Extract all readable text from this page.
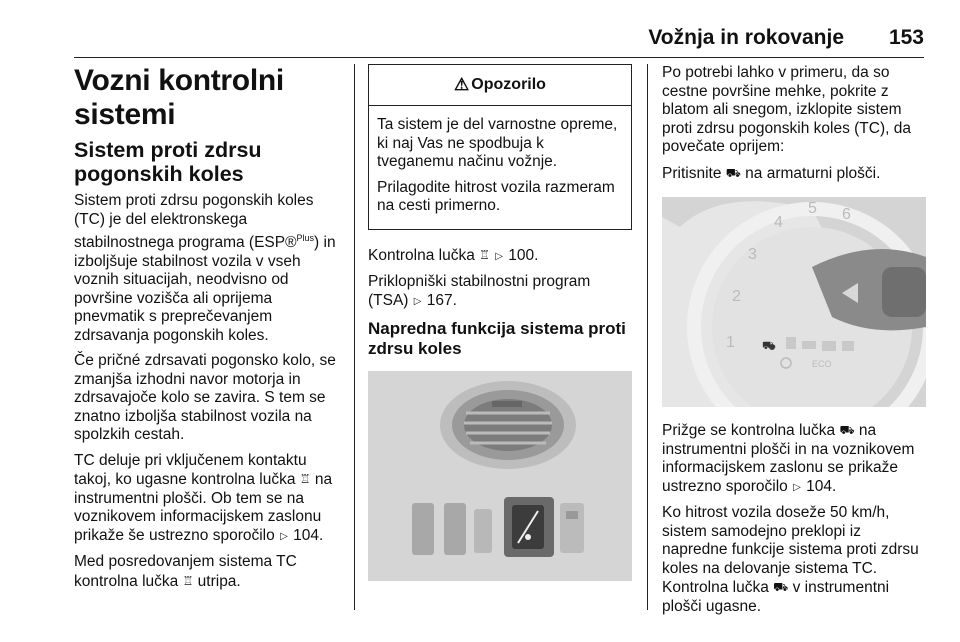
Vožnja in rokovanje 153
Vozni kontrolni sistemi
Sistem proti zdrsu pogonskih koles

Sistem proti zdrsu pogonskih koles (TC) je del elektronskega stabilnostnega programa (ESP®$^{Plus}$) in izboljšuje stabilnost vozila v vseh voznih situacijah, neodvisno od površine vozišča ali oprijema pnevmatik s preprečevanjem zdrsavanja pogonskih koles.

Če pričné zdrsavati pogonsko kolo, se zmanjša izhodni navor motorja in zdrsavajoče kolo se zavira. S tem se znatno izboljša stabilnost vozila na spolzkih cestah.

TC deluje pri vključenem kontaktu takoj, ko ugasne kontrolna lučka ♖ na instrumentni plošči. Ob tem se na voznikovem informacijskem zaslonu prikaže še ustrezno sporočilo ▷ 104.

Med posredovanjem sistema TC kontrolna lučka ♖ utripa.

⚠ Opozorilo

Ta sistem je del varnostne opreme, ki naj Vas ne spodbuja k tveganemu načinu vožnje.

Prilagodite hitrost vozila razmeram na cesti primerno.

Kontrolna lučka ♖ ▷ 100.

Priklopniški stabilnostni program (TSA) ▷ 167.

Napredna funkcija sistema proti zdrsu koles

Po potrebi lahko v primeru, da so cestne površine mehke, pokrite z blatom ali snegom, izklopite sistem proti zdrsu pogonskih koles (TC), da povečate oprijem:

Pritisnite ⛟ na armaturni plošči.

1
2
3
4
5 6
⛟
ECO

Prižge se kontrolna lučka ⛟ na instrumentni plošči in na voznikovem informacijskem zaslonu se prikaže ustrezno sporočilo ▷ 104.

Ko hitrost vozila doseže 50 km/h, sistem samodejno preklopi iz napredne funkcije sistema proti zdrsu koles na delovanje sistema TC. Kontrolna lučka ⛟ v instrumentni plošči ugasne.
